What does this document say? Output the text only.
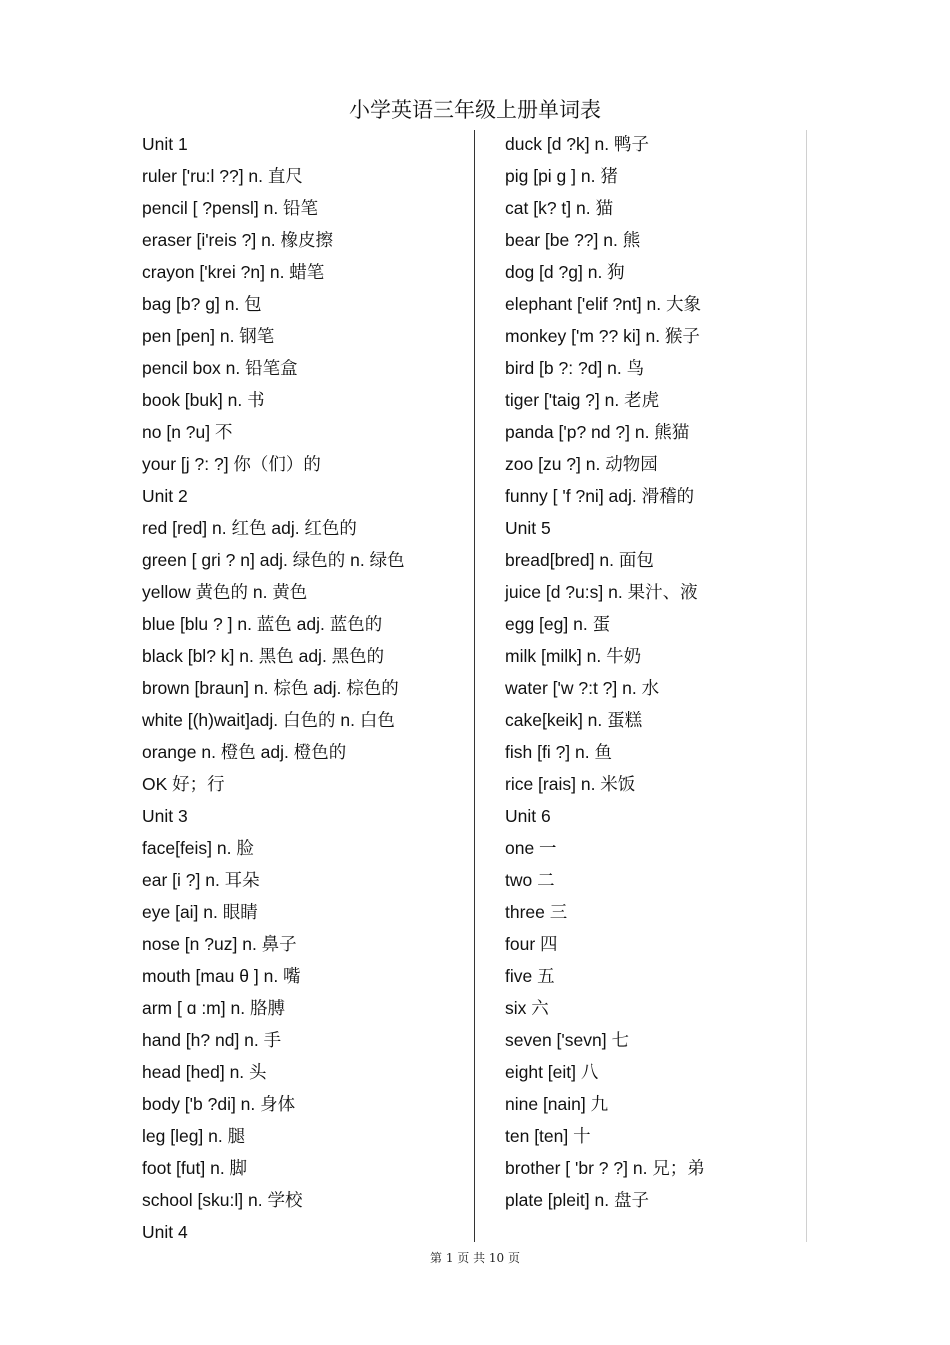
小学英语三年级上册单词表
Unit 1
ruler ['ru:l ??] n. 直尺
pencil [ ?pensl] n. 铅笔
eraser [i'reis ?] n. 橡皮擦
crayon ['krei ?n] n. 蜡笔
bag [b? g] n. 包
pen [pen] n. 钢笔
pencil box n. 铅笔盒
book [buk] n. 书
no [n ?u] 不
your [j ?: ?] 你（们）的
Unit 2
red [red] n. 红色 adj. 红色的
green [ gri ? n] adj. 绿色的 n. 绿色
yellow 黄色的 n. 黄色
blue [blu ? ] n. 蓝色 adj. 蓝色的
black [bl? k] n. 黑色 adj. 黑色的
brown [braun] n. 棕色 adj. 棕色的
white [(h)wait]adj. 白色的 n. 白色
orange n. 橙色 adj. 橙色的
OK 好；行
Unit 3
face[feis] n. 脸
ear [i ?] n. 耳朵
eye [ai] n. 眼睛
nose [n ?uz] n. 鼻子
mouth [mau θ ] n. 嘴
arm [ ɑ :m] n. 胳膊
hand [h? nd] n. 手
head [hed] n. 头
body ['b ?di] n. 身体
leg [leg] n. 腿
foot [fut] n. 脚
school [sku:l] n. 学校
Unit 4
duck [d ?k] n. 鸭子
pig [pi ɡ ] n. 猪
cat [k? t] n. 猫
bear [be ??] n. 熊
dog [d ?g] n. 狗
elephant ['elif ?nt] n. 大象
monkey ['m ?? ki] n. 猴子
bird [b ?: ?d] n. 鸟
tiger ['taig ?] n. 老虎
panda ['p? nd ?] n. 熊猫
zoo [zu ?] n. 动物园
funny [ 'f ?ni] adj. 滑稽的
Unit 5
bread[bred] n. 面包
juice [d ?u:s] n. 果汁、液
egg [eg] n. 蛋
milk [milk] n. 牛奶
water ['w ?:t ?] n. 水
cake[keik] n. 蛋糕
fish [fi ?] n. 鱼
rice [rais] n. 米饭
Unit 6
one 一
two 二
three 三
four 四
five 五
six 六
seven ['sevn] 七
eight [eit] 八
nine [nain] 九
ten [ten] 十
brother [ 'br ? ?] n. 兄；弟
plate [pleit] n. 盘子
第 1 页 共 10 页
